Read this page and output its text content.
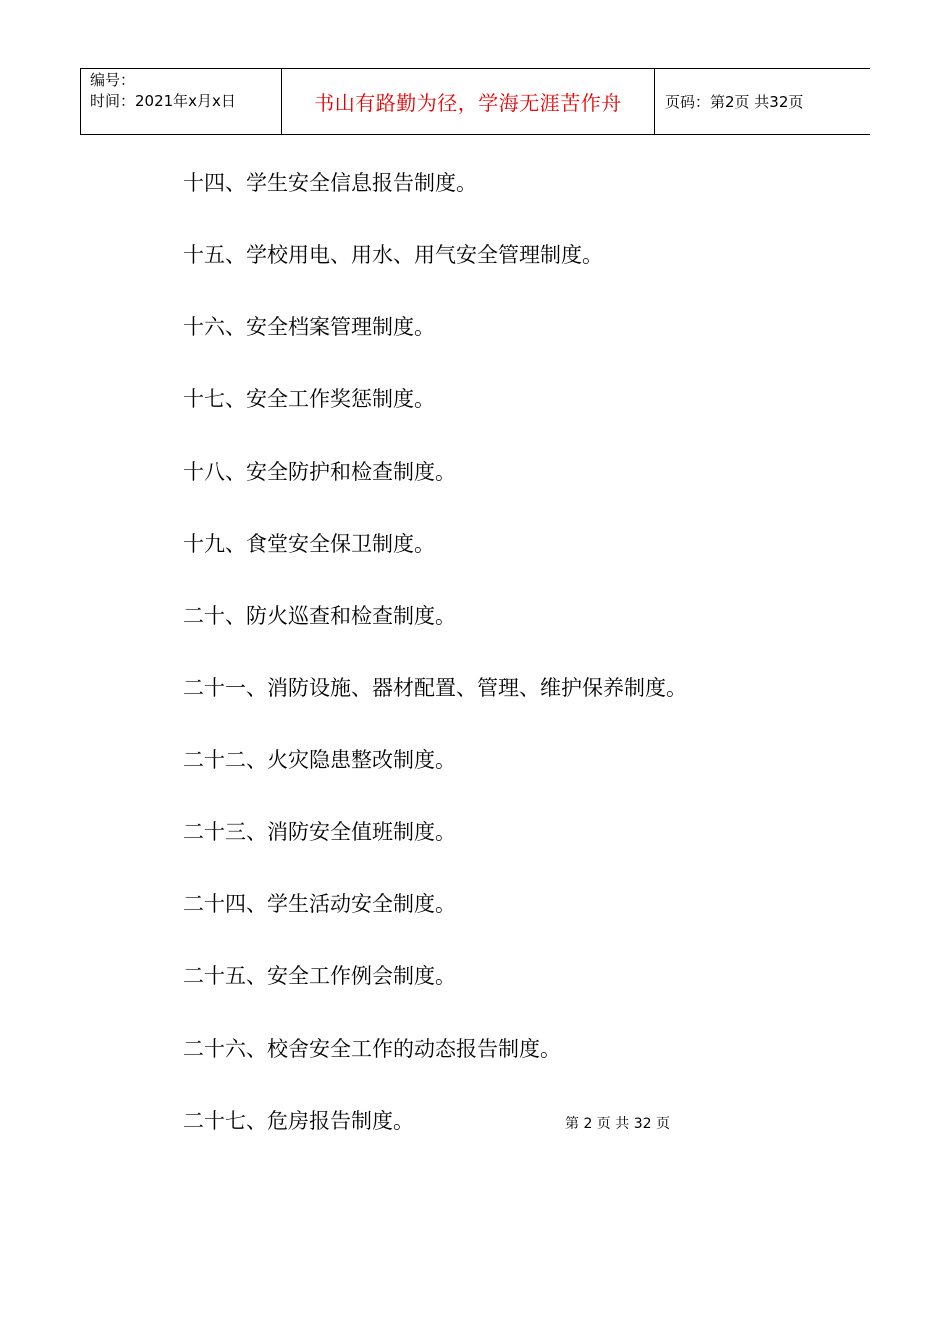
编号：
时间：2021年x月x日	书山有路勤为径，学海无涯苦作舟	页码：第2页 共32页
十四、学生安全信息报告制度。
十五、学校用电、用水、用气安全管理制度。
十六、安全档案管理制度。
十七、安全工作奖惩制度。
十八、安全防护和检查制度。
十九、食堂安全保卫制度。
二十、防火巡查和检查制度。
二十一、消防设施、器材配置、管理、维护保养制度。
二十二、火灾隐患整改制度。
二十三、消防安全值班制度。
二十四、学生活动安全制度。
二十五、安全工作例会制度。
二十六、校舍安全工作的动态报告制度。
二十七、危房报告制度。	第 2 页 共 32 页
